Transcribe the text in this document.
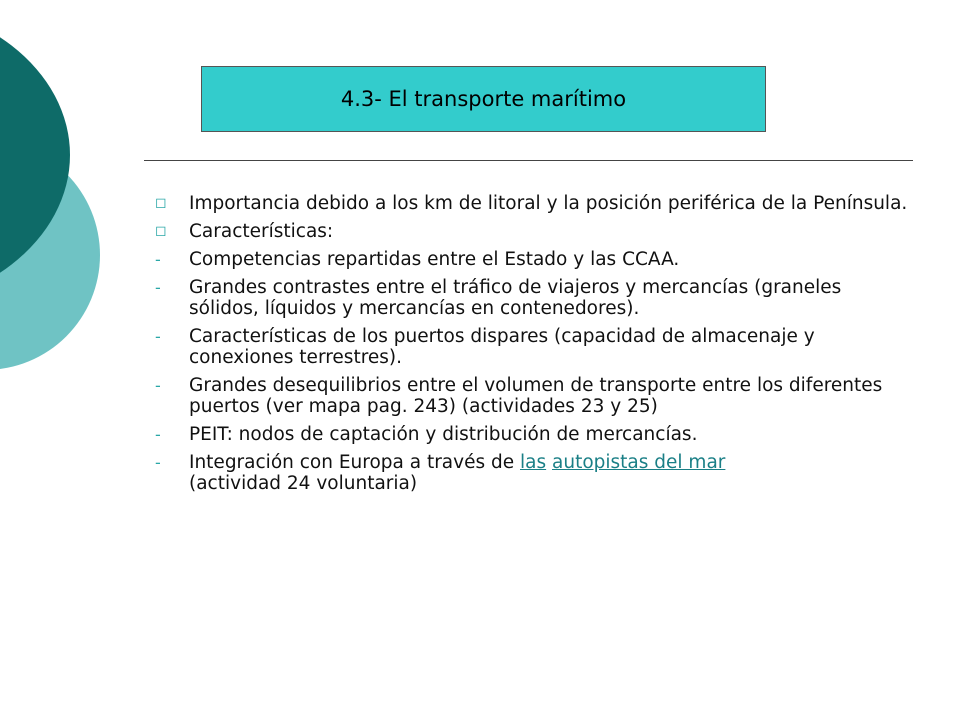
4.3- El transporte marítimo
◻	Importancia debido a los km de litoral y la posición periférica de la Península.
◻	Características:
-	Competencias repartidas entre el Estado y las CCAA.
-	Grandes contrastes entre el tráfico de viajeros y mercancías (graneles sólidos, líquidos y mercancías en contenedores).
-	Características de los puertos dispares (capacidad de almacenaje y conexiones terrestres).
-	Grandes desequilibrios entre el volumen de transporte entre los diferentes puertos (ver mapa pag. 243) (actividades 23 y 25)
-	PEIT: nodos de captación y distribución de mercancías.
-	Integración con Europa a través de las autopistas del mar
(actividad 24 voluntaria)
